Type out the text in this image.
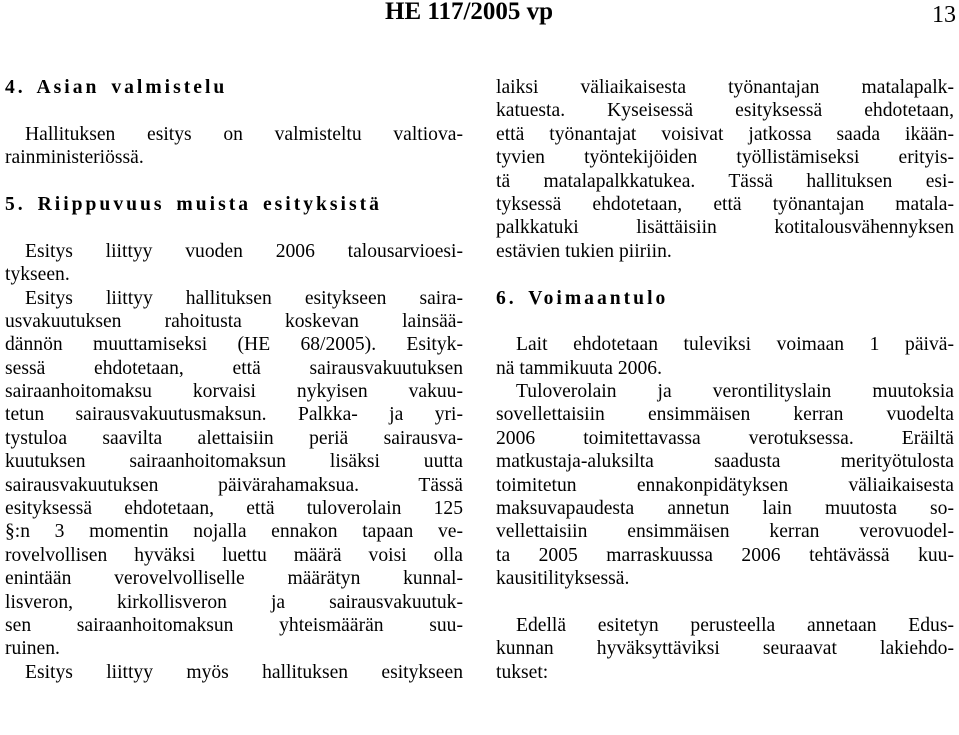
HE 117/2005 vp	13
4. Asian valmistelu
Hallituksen esitys on valmisteltu valtiova-
rainministeriössä.
5. Riippuvuus muista esityksistä
Esitys liittyy vuoden 2006 talousarvioesi-
tykseen.
Esitys liittyy hallituksen esitykseen saira-
usvakuutuksen rahoitusta koskevan lainsää-
dännön muuttamiseksi (HE 68/2005). Esityk-
sessä ehdotetaan, että sairausvakuutuksen
sairaanhoitomaksu korvaisi nykyisen vakuu-
tetun sairausvakuutusmaksun. Palkka- ja yri-
tystuloa saavilta alettaisiin periä sairausva-
kuutuksen sairaanhoitomaksun lisäksi uutta
sairausvakuutuksen päivärahamaksua. Tässä
esityksessä ehdotetaan, että tuloverolain 125
§:n 3 momentin nojalla ennakon tapaan ve-
rovelvollisen hyväksi luettu määrä voisi olla
enintään verovelvolliselle määrätyn kunnal-
lisveron, kirkollisveron ja sairausvakuutuk-
sen sairaanhoitomaksun yhteismäärän suu-
ruinen.
Esitys liittyy myös hallituksen esitykseen
laiksi väliaikaisesta työnantajan matalapalk-
katuesta. Kyseisessä esityksessä ehdotetaan,
että työnantajat voisivat jatkossa saada ikään-
tyvien työntekijöiden työllistämiseksi erityis-
tä matalapalkkatukea. Tässä hallituksen esi-
tyksessä ehdotetaan, että työnantajan matala-
palkkatuki lisättäisiin kotitalousvähennyksen
estävien tukien piiriin.
6. Voimaantulo
Lait ehdotetaan tuleviksi voimaan 1 päivä-
nä tammikuuta 2006.
Tuloverolain ja verontilityslain muutoksia
sovellettaisiin ensimmäisen kerran vuodelta
2006 toimitettavassa verotuksessa. Eräiltä
matkustaja-aluksilta saadusta merityötulosta
toimitetun ennakonpidätyksen väliaikaisesta
maksuvapaudesta annetun lain muutosta so-
vellettaisiin ensimmäisen kerran verovuodel-
ta 2005 marraskuussa 2006 tehtävässä kuu-
kausitilityksessä.
Edellä esitetyn perusteella annetaan Edus-
kunnan hyväksyttäviksi seuraavat lakiehdo-
tukset:
